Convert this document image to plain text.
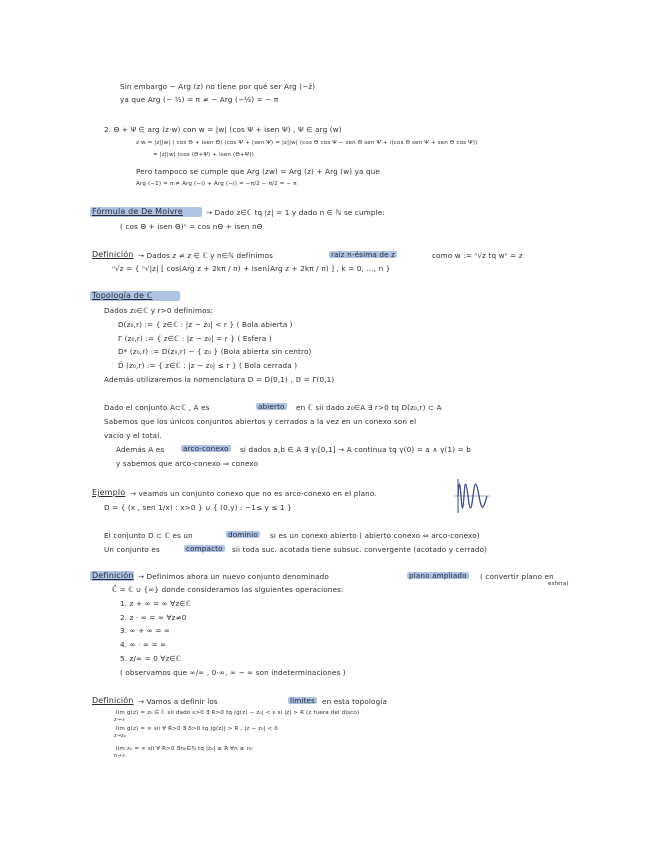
Sin embargo − Arg (z) no tiene por qué ser Arg (−z̄)
ya que Arg (− ½) = π ≠ − Arg (−½) = − π
2. Θ + Ψ ∈ arg (z·w) con w = |w| (cos Ψ + isen Ψ) , Ψ ∈ arg (w)
z·w = |z||w| ( cos Θ + isen Θ) (cos Ψ + (sen Ψ) = |z||w| (cos Θ cos Ψ − sen Θ sen Ψ + i(cos Θ sen Ψ + sen Θ cos Ψ))
= |z||w| (cos (Θ+Ψ) + isen (Θ+Ψ))
Pero tampoco se cumple que Arg (zw) = Arg (z) + Arg (w) ya que
Arg (−1) = π ≠ Arg (−i) + Arg (−i) = −π/2 − π/2 = − π
Fórmula de De Moivre	→ Dado z∈ℂ tq |z| = 1 y dado n ∈ ℕ se cumple:
( cos Θ + isen Θ)ⁿ = cos nΘ + isen nΘ
Definición → Dados z ≠ z ∈ ℂ y n∈ℕ definimos	raíz n-ésima de z	como w := ⁿ√z tq wⁿ = z
ⁿ√z = { ⁿ√|z| [ cos(Arg z + 2kπ / n) + isen(Arg z + 2kπ / n) ] , k = 0, ..., n }
Topología de ℂ
Dados z₀∈ℂ y r>0 definimos:
D(z₀,r) := { z∈ℂ : |z − z₀| < r } ( Bola abierta )
Γ (z₀,r) := { z∈ℂ : |z − z₀| = r } ( Esfera )
D* (z₀,r) := D(z₀,r) − { z₀ } (Bola abierta sin centro)
D̄ (z₀,r) := { z∈ℂ : |z − z₀| ≤ r } ( Bola cerrada )
Además utilizaremos la nomenclatura D = D(0,1) , 𝔻 = Γ(0,1)
Dado el conjunto A⊂ℂ , A es	abierto en ℂ sii dado z₀∈A ∃ r>0 tq D(z₀,r) ⊂ A
Sabemos que los únicos conjuntos abiertos y cerrados a la vez en un conexo son el
vacío y el total.
Además A es	arco-conexo si dados a,b ∈ A ∃ γ:[0,1] → A continua tq γ(0) = a ∧ γ(1) = b
y sabemos que arco-conexo ⇒ conexo
Ejemplo → veamos un conjunto conexo que no es arco-conexo en el plano.
D = { (x , sen 1/x) : x>0 } ∪ { (0,y) : −1≤ y ≤ 1 }
El conjunto D ⊂ ℂ es un	dominio si es un conexo abierto ( abierto conexo ⇔ arco-conexo)
Un conjunto es	compacto sii toda suc. acotada tiene subsuc. convergente (acotado y cerrado)
Definición → Definimos ahora un nuevo conjunto denominado	plano ampliado ( convertir plano en
esfera)
ℂ̂ = ℂ ∪ {∞} donde consideramos las siguientes operaciones:
1. z + ∞ = ∞ ∀z∈ℂ
2. z · ∞ = ∞ ∀z≠0
3. ∞ + ∞ = ∞
4. ∞ · ∞ = ∞
5. z/∞ = 0 ∀z∈ℂ
( observamos que ∞/∞ , 0·∞, ∞ − ∞ son indeterminaciones )
Definición → Vamos a definir los	límites en esta topología
lim g(z) = z₀ ∈ ℂ sii dado ε>0 ∃ R>0 tq |g(z) − z₀| < ε si |z| > R (z fuera del disco)
z→∞
lim g(z) = ∞ sii ∀ R>0 ∃ δ>0 tq |g(z)| > R , |z − z₀| < δ
z→z₀
lim zₙ = ∞ sii ∀ R>0 ∃n₀∈ℕ tq |zₙ| ≥ R ∀n ≥ n₀
n→∞
